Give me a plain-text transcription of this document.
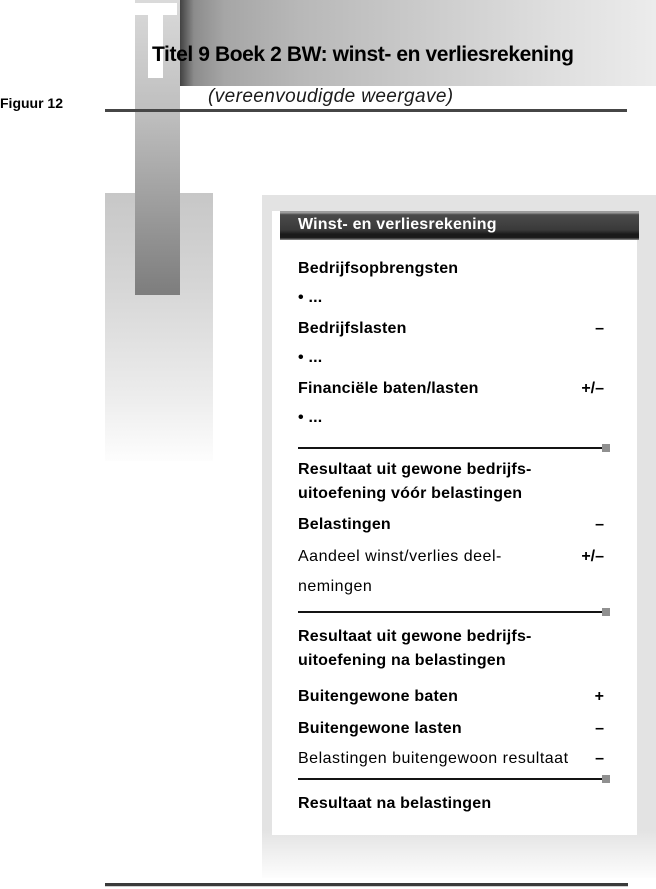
Titel 9 Boek 2 BW: winst- en verliesrekening
(vereenvoudigde weergave)
Figuur 12
Winst- en verliesrekening
Bedrijfsopbrengsten
• ...
Bedrijfslasten	–
• ...
Financiële baten/lasten	+/–
• ...
Resultaat uit gewone bedrijfs-
uitoefening vóór belastingen
Belastingen	–
Aandeel winst/verlies deel-	+/–
nemingen
Resultaat uit gewone bedrijfs-
uitoefening na belastingen
Buitengewone baten	+
Buitengewone lasten	–
Belastingen buitengewoon resultaat –
Resultaat na belastingen
